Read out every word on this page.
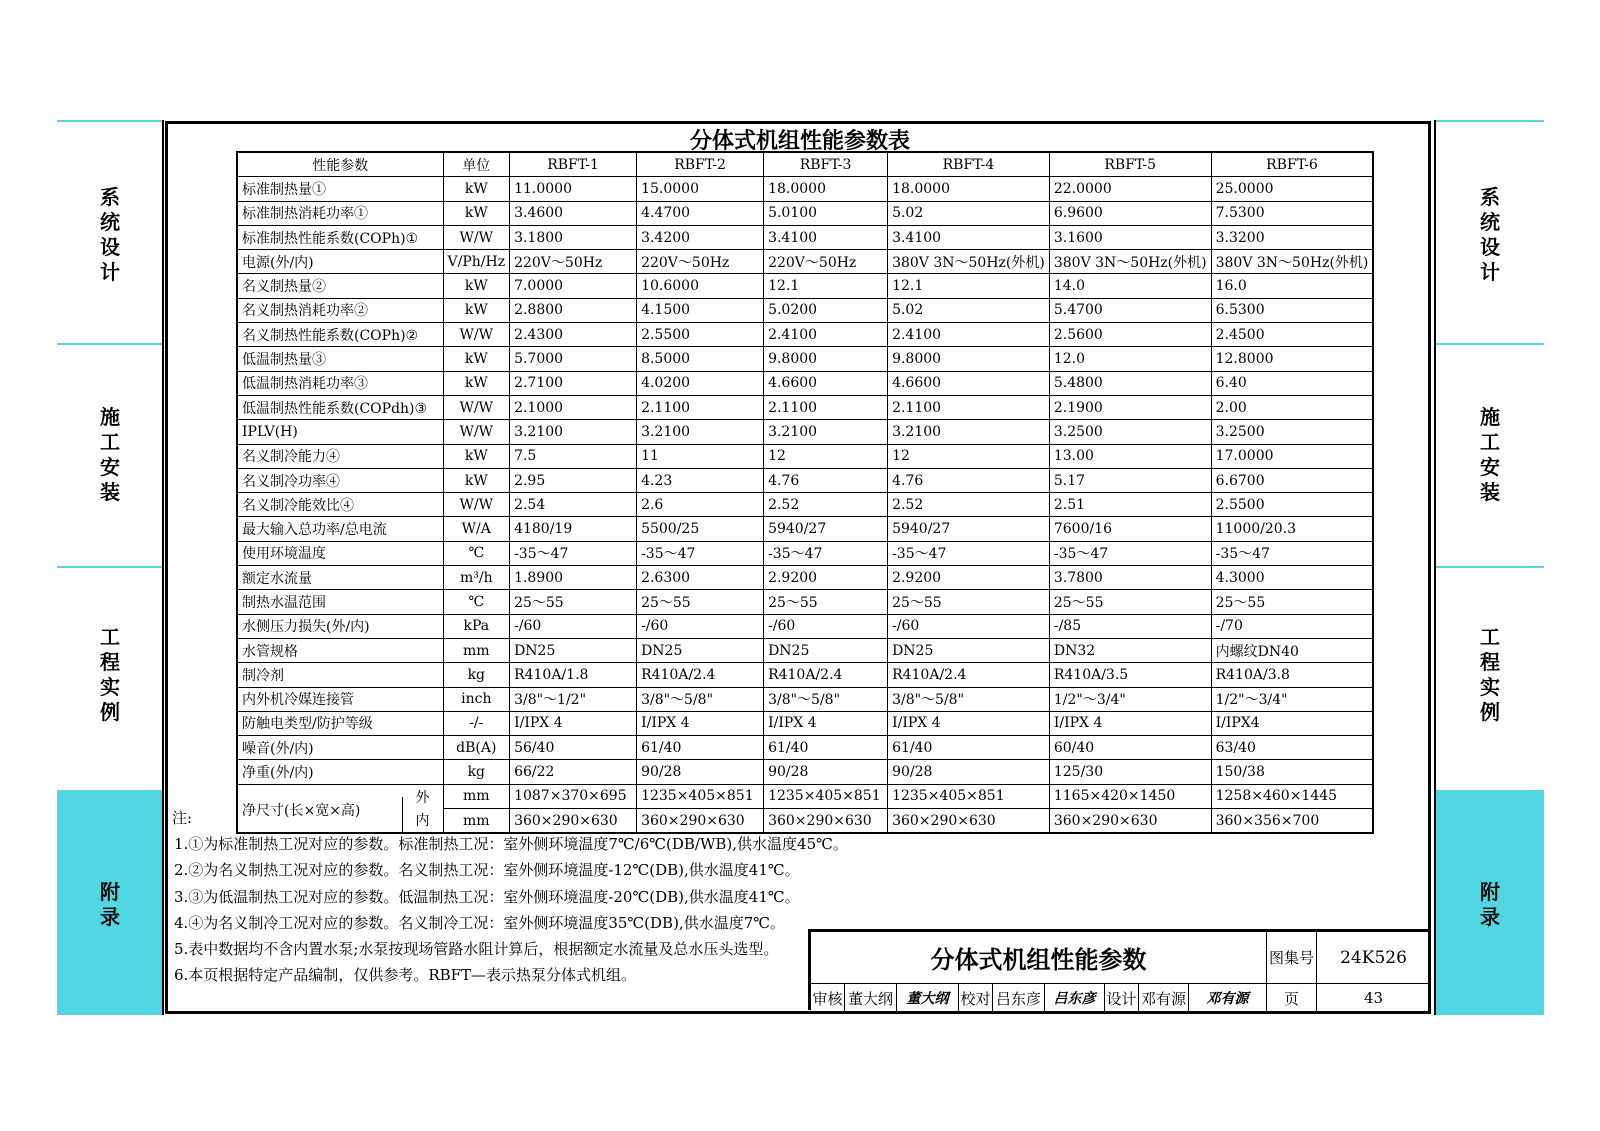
系统设计
施工安装
工程实例
附录
系统设计
施工安装
工程实例
附录
分体式机组性能参数表
性能参数	单位	RBFT-1	RBFT-2	RBFT-3	RBFT-4	RBFT-5	RBFT-6
标准制热量①	kW	11.0000	15.0000	18.0000	18.0000	22.0000	25.0000
标准制热消耗功率①	kW	3.4600	4.4700	5.0100	5.02	6.9600	7.5300
标准制热性能系数(COPh)①	W/W	3.1800	3.4200	3.4100	3.4100	3.1600	3.3200
电源(外/内)	V/Ph/Hz	220V～50Hz	220V～50Hz	220V～50Hz	380V 3N～50Hz(外机)	380V 3N～50Hz(外机)	380V 3N～50Hz(外机)
名义制热量②	kW	7.0000	10.6000	12.1	12.1	14.0	16.0
名义制热消耗功率②	kW	2.8800	4.1500	5.0200	5.02	5.4700	6.5300
名义制热性能系数(COPh)②	W/W	2.4300	2.5500	2.4100	2.4100	2.5600	2.4500
低温制热量③	kW	5.7000	8.5000	9.8000	9.8000	12.0	12.8000
低温制热消耗功率③	kW	2.7100	4.0200	4.6600	4.6600	5.4800	6.40
低温制热性能系数(COPdh)③	W/W	2.1000	2.1100	2.1100	2.1100	2.1900	2.00
IPLV(H)	W/W	3.2100	3.2100	3.2100	3.2100	3.2500	3.2500
名义制冷能力④	kW	7.5	11	12	12	13.00	17.0000
名义制冷功率④	kW	2.95	4.23	4.76	4.76	5.17	6.6700
名义制冷能效比④	W/W	2.54	2.6	2.52	2.52	2.51	2.5500
最大输入总功率/总电流	W/A	4180/19	5500/25	5940/27	5940/27	7600/16	11000/20.3
使用环境温度	℃	-35～47	-35～47	-35～47	-35～47	-35～47	-35～47
额定水流量	m³/h	1.8900	2.6300	2.9200	2.9200	3.7800	4.3000
制热水温范围	℃	25～55	25～55	25～55	25～55	25～55	25～55
水侧压力损失(外/内)	kPa	-/60	-/60	-/60	-/60	-/85	-/70
水管规格	mm	DN25	DN25	DN25	DN25	DN32	内螺纹DN40
制冷剂	kg	R410A/1.8	R410A/2.4	R410A/2.4	R410A/2.4	R410A/3.5	R410A/3.8
内外机冷媒连接管	inch	3/8"～1/2"	3/8"～5/8"	3/8"～5/8"	3/8"～5/8"	1/2"～3/4"	1/2"～3/4"
防触电类型/防护等级	-/-	I/IPX 4	I/IPX 4	I/IPX 4	I/IPX 4	I/IPX 4	I/IPX4
噪音(外/内)	dB(A)	56/40	61/40	61/40	61/40	60/40	63/40
净重(外/内)	kg	66/22	90/28	90/28	90/28	125/30	150/38

净尺寸(长×宽×高)
外	mm	1087×370×695	1235×405×851	1235×405×851	1235×405×851	1165×420×1450	1258×460×1445

内	mm	360×290×630	360×290×630	360×290×630	360×290×630	360×290×630	360×356×700
注:
1.①为标准制热工况对应的参数。标准制热工况：室外侧环境温度7℃/6℃(DB/WB),供水温度45℃。
2.②为名义制热工况对应的参数。名义制热工况：室外侧环境温度-12℃(DB),供水温度41℃。
3.③为低温制热工况对应的参数。低温制热工况：室外侧环境温度-20℃(DB),供水温度41℃。
4.④为名义制冷工况对应的参数。名义制冷工况：室外侧环境温度35℃(DB),供水温度7℃。
5.表中数据均不含内置水泵;水泵按现场管路水阻计算后，根据额定水流量及总水压头选型。
6.本页根据特定产品编制，仅供参考。RBFT—表示热泵分体式机组。
分体式机组性能参数	图集号	24K526
审核 董大纲 董大纲 校对 吕东彦 吕东彦 设计 邓有源	邓有源	页	43
